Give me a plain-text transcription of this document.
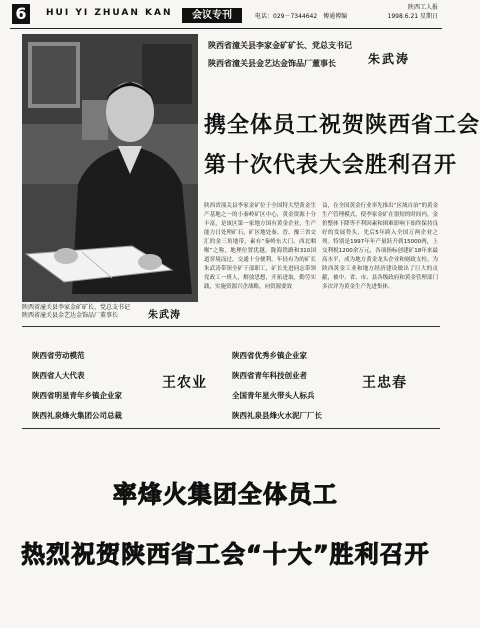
6	HUI YI ZHUAN KAN	会议专刊	电话：029－7344642　傅通博编
陕西工人报
1998.6.21 星期日
陕西省潼关县李家金矿矿长、党总支书记
陕西省潼关县金艺达金饰品厂董事长	朱武涛
陕西省潼关县李家金矿矿长、党总支书记
陕西省潼关县金艺达金饰品厂董事长	朱武涛
携全体员工祝贺陕西省工会
第十次代表大会胜利召开
陕西省潼关县李家金矿位于全国特大型黄金生产基地之一的小秦岭矿区中心，黄金资源十分丰富，是该区第一家地方国有黄金企业，生产能力日处理矿石，矿区地处秦、晋、豫三省交汇的金三角地带，素有“秦岭东大门、西北咽喉”之称，地理位置优越，陇海铁路和310国道穿境而过，交通十分便利。年轻有为的矿长朱武涛带领全矿干部职工，矿长先进同志带领党政工一班人，解放思想，开拓进取，勤劳实践，实施资源兴企战略，向资源要效
益，在全国黄金行业率先推出“区域自治”的黄金生产管理模式，使李家金矿在很短的时间内，金价整体下降等不利因素和困难影响下始终保持良好的发展势头，先后5年跨入全国万两企业之列。特别是1997年年产量跃升到15000两，上交利税1200余万元，各项指标创建矿18年来最高水平，成为地方黄金龙头企业和财政支柱。为陕西黄金工业和地方经济建设做出了巨大的贡献，被中、省、市、县各级政府和黄金管理部门多次评为黄金生产先进集体。
陕西省劳动模范
陕西省人大代表
陕西省明星青年乡镇企业家
陕西礼泉烽火集团公司总裁
王农业
陕西省优秀乡镇企业家
陕西省青年科技创业者
全国青年星火带头人标兵
陕西礼泉县烽火水泥厂厂长
王忠春
率烽火集团全体员工
热烈祝贺陕西省工会“十大”胜利召开
